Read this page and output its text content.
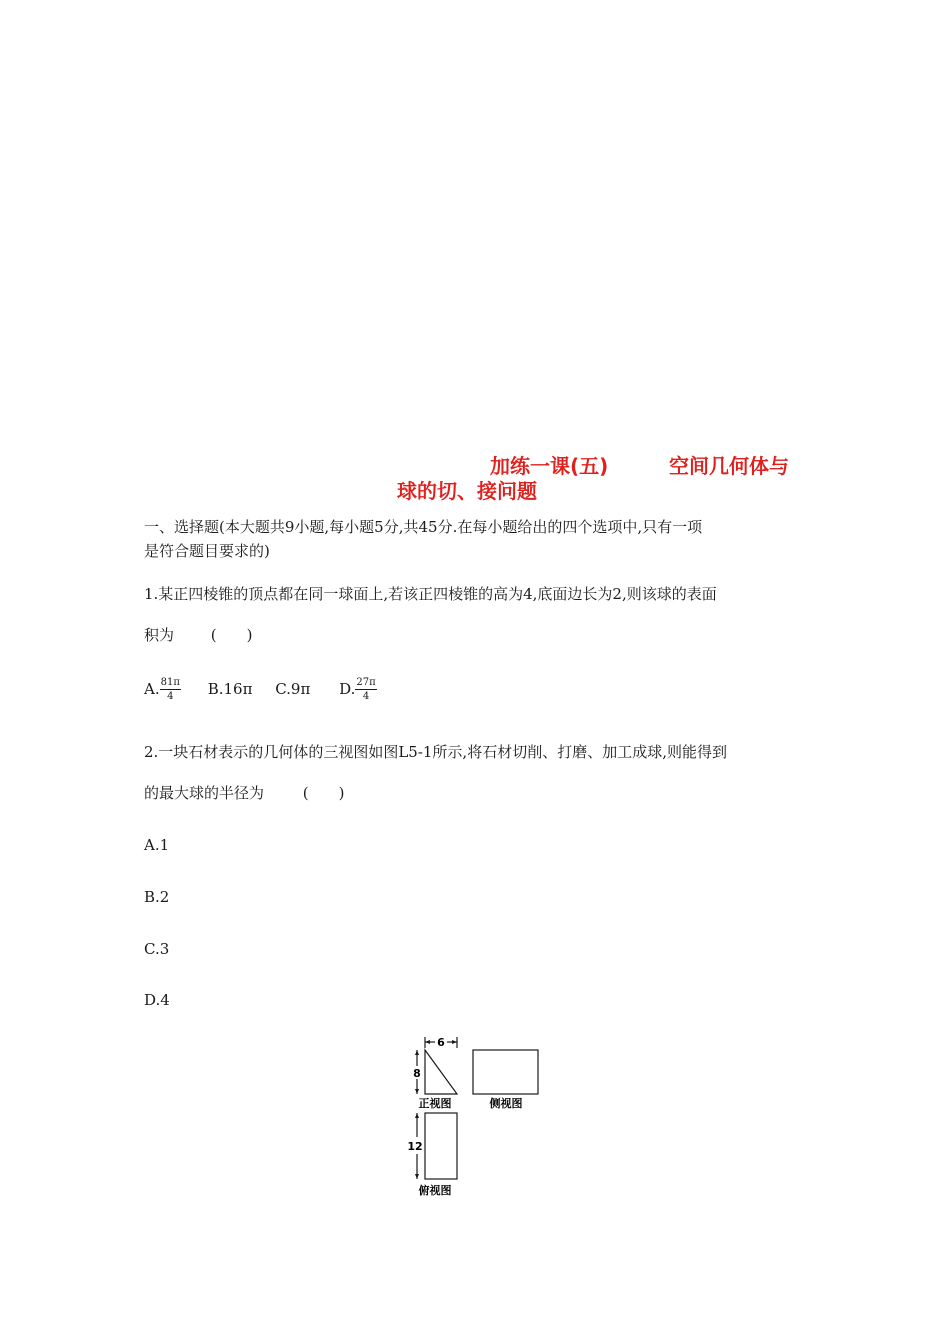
加练一课(五)	空间几何体与
球的切、接问题
一、选择题(本大题共9小题,每小题5分,共45分.在每小题给出的四个选项中,只有一项
是符合题目要求的)
1.某正四棱锥的顶点都在同一球面上,若该正四棱锥的高为4,底面边长为2,则该球的表面
积为 (　　)
A. $\frac{81\pi}{4} B.16\pi$ C.9π D. $\frac{27\pi}{4}$
2.一块石材表示的几何体的三视图如图L5-1所示,将石材切削、打磨、加工成球,则能得到
的最大球的半径为	(　　)
A.1
B.2
C.3
D.4
6
8
12
正视图	侧视图
俯视图
